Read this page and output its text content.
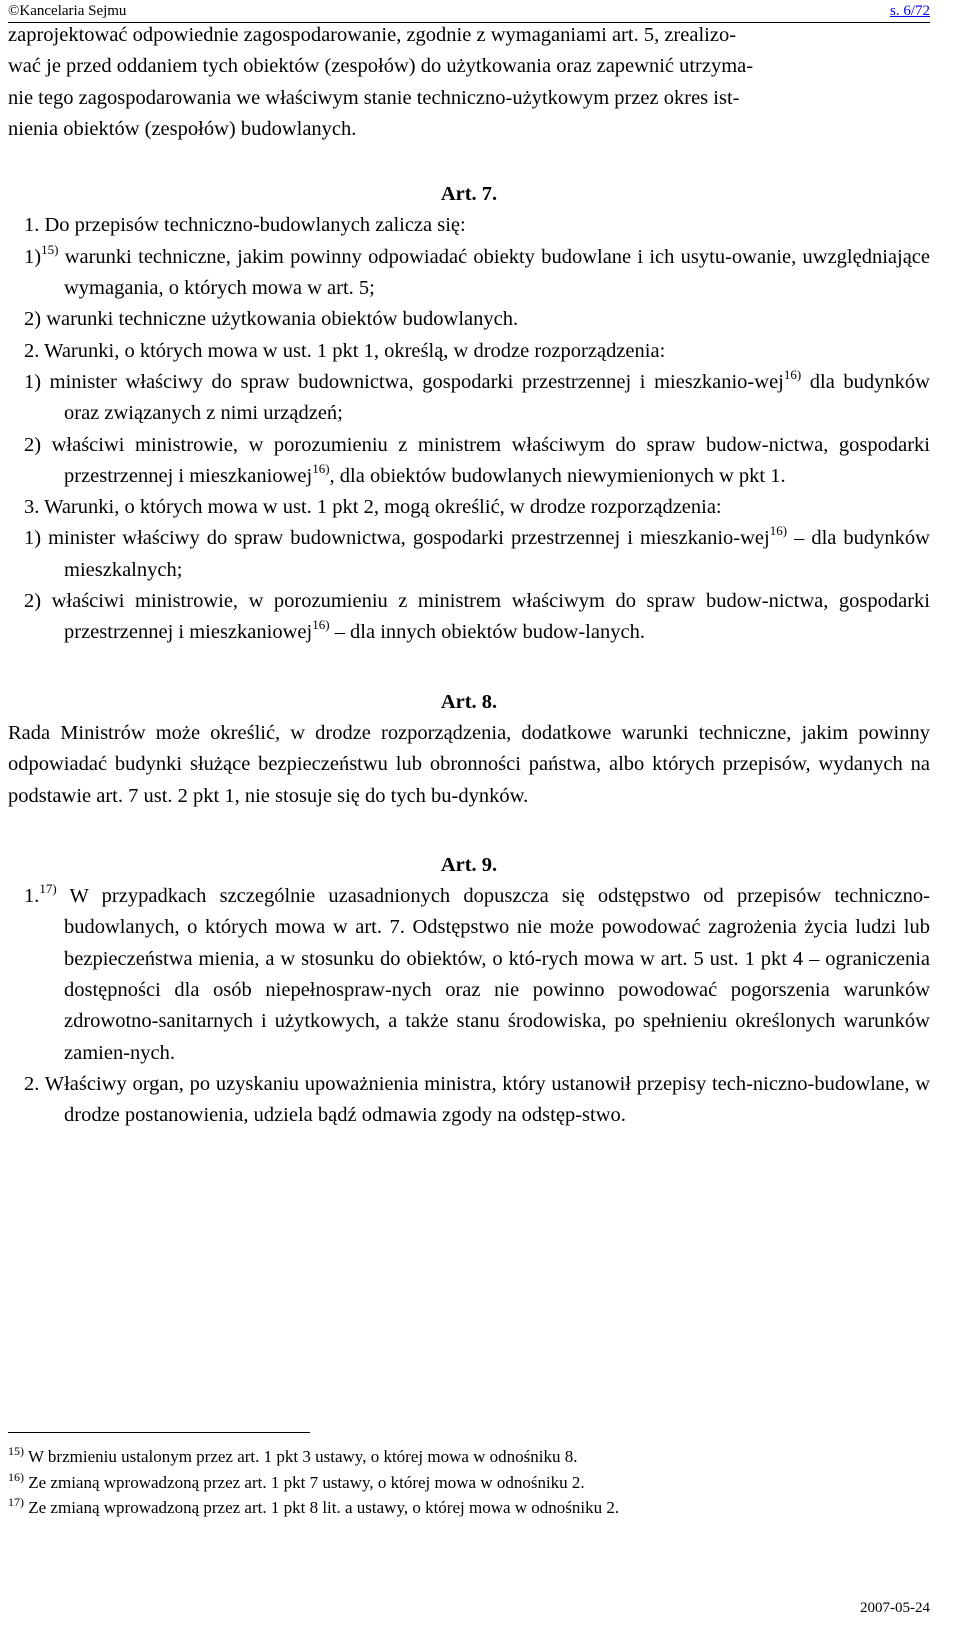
©Kancelaria Sejmu	s. 6/72

zaprojektować odpowiednie zagospodarowanie, zgodnie z wymaganiami art. 5, zrealizo-

wać je przed oddaniem tych obiektów (zespołów) do użytkowania oraz zapewnić utrzyma-

nie tego zagospodarowania we właściwym stanie techniczno-użytkowym przez okres ist-

nienia obiektów (zespołów) budowlanych.

Art. 7.

1. Do przepisów techniczno-budowlanych zalicza się:

1)$^{15)}$ warunki techniczne, jakim powinny odpowiadać obiekty budowlane i ich usytu-owanie, uwzględniające wymagania, o których mowa w art. 5;

2) warunki techniczne użytkowania obiektów budowlanych.

2. Warunki, o których mowa w ust. 1 pkt 1, określą, w drodze rozporządzenia:

1) minister właściwy do spraw budownictwa, gospodarki przestrzennej i mieszkanio-wej$^{16)}$ dla budynków oraz związanych z nimi urządzeń;

2) właściwi ministrowie, w porozumieniu z ministrem właściwym do spraw budow-nictwa, gospodarki przestrzennej i mieszkaniowej$^{16)}$, dla obiektów budowlanych niewymienionych w pkt 1.

3. Warunki, o których mowa w ust. 1 pkt 2, mogą określić, w drodze rozporządzenia:

1) minister właściwy do spraw budownictwa, gospodarki przestrzennej i mieszkanio-wej$^{16)}$ – dla budynków mieszkalnych;

2) właściwi ministrowie, w porozumieniu z ministrem właściwym do spraw budow-nictwa, gospodarki przestrzennej i mieszkaniowej$^{16)}$ – dla innych obiektów budow-lanych.

Art. 8.

Rada Ministrów może określić, w drodze rozporządzenia, dodatkowe warunki techniczne, jakim powinny odpowiadać budynki służące bezpieczeństwu lub obronności państwa, albo których przepisów, wydanych na podstawie art. 7 ust. 2 pkt 1, nie stosuje się do tych bu-dynków.

Art. 9.

1.$^{17)}$ W przypadkach szczególnie uzasadnionych dopuszcza się odstępstwo od przepisów techniczno-budowlanych, o których mowa w art. 7. Odstępstwo nie może powodować zagrożenia życia ludzi lub bezpieczeństwa mienia, a w stosunku do obiektów, o któ-rych mowa w art. 5 ust. 1 pkt 4 – ograniczenia dostępności dla osób niepełnospraw-nych oraz nie powinno powodować pogorszenia warunków zdrowotno-sanitarnych i użytkowych, a także stanu środowiska, po spełnieniu określonych warunków zamien-nych.

2. Właściwy organ, po uzyskaniu upoważnienia ministra, który ustanowił przepisy tech-niczno-budowlane, w drodze postanowienia, udziela bądź odmawia zgody na odstęp-stwo.

$^{15)}$ W brzmieniu ustalonym przez art. 1 pkt 3 ustawy, o której mowa w odnośniku 8.
$^{16)}$ Ze zmianą wprowadzoną przez art. 1 pkt 7 ustawy, o której mowa w odnośniku 2.
$^{17)}$ Ze zmianą wprowadzoną przez art. 1 pkt 8 lit. a ustawy, o której mowa w odnośniku 2.
2007-05-24
